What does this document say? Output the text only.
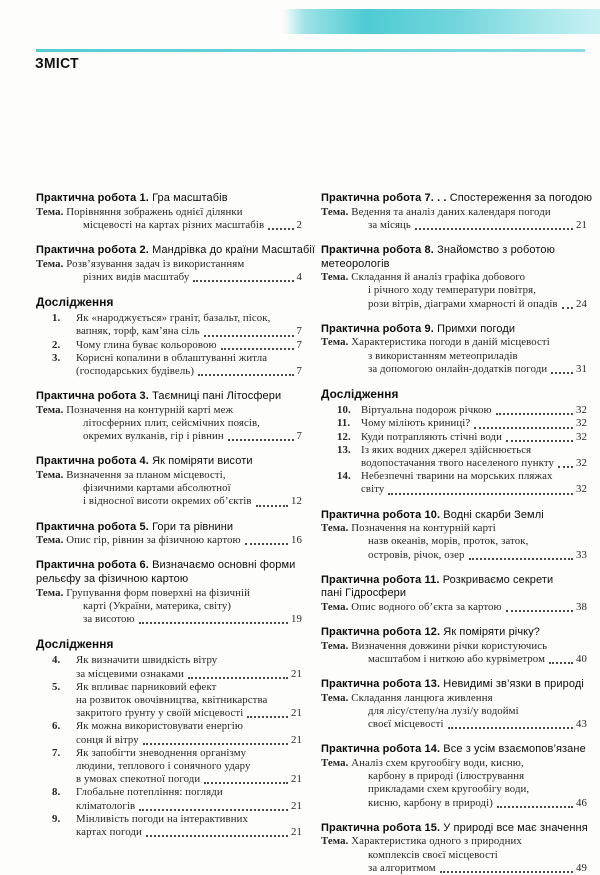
ЗМІСТ
Практична робота 1. Гра масштабів
Тема. Порівняння зображень однієї ділянки
місцевості на картах різних масштабів	2
Практична робота 2. Мандрівка до країни Масштабії
Тема. Розв’язування задач із використанням
різних видів масштабу	4
Дослідження
1.	Як «народжується» граніт, базальт, пісок,
вапняк, торф, кам’яна сіль	7
2.	Чому глина буває кольоровою	7
3.	Корисні копалини в облаштуванні житла
(господарських будівель)	7
Практична робота 3. Таємниці пані Літосфери
Тема. Позначення на контурній карті меж
літосферних плит, сейсмічних поясів,
окремих вулканів, гір і рівнин	7
Практична робота 4. Як поміряти висоти
Тема. Визначення за планом місцевості,
фізичними картами абсолютної
і відносної висоти окремих об’єктів	12
Практична робота 5. Гори та рівнини
Тема. Опис гір, рівнин за фізичною картою	16
Практична робота 6. Визначаємо основні форми
рельєфу за фізичною картою
Тема. Групування форм поверхні на фізичній
карті (України, материка, світу)
за висотою	19
Дослідження
4.	Як визначити швидкість вітру
за місцевими ознаками	21
5.	Як впливає парниковий ефект
на розвиток овочівництва, квітникарства
закритого ґрунту у своїй місцевості	21
6.	Як можна використовувати енергію
сонця й вітру	21
7.	Як запобігти зневоднення організму
людини, теплового і сонячного удару
в умовах спекотної погоди	21
8.	Глобальне потепління: погляди
кліматологів	21
9.	Мінливість погоди на інтерактивних
картах погоди	21
Практична робота 7. . . Спостереження за погодою
Тема. Ведення та аналіз даних календаря погоди
за місяць	21
Практична робота 8. Знайомство з роботою
метеорологів
Тема. Складання й аналіз графіка добового
і річного ходу температури повітря,
рози вітрів, діаграми хмарності й опадів 24
Практична робота 9. Примхи погоди
Тема. Характеристика погоди в даній місцевості
з використанням метеоприладів
за допомогою онлайн-додатків погоди	31
Дослідження
10. Віртуальна подорож річкою	32
11. Чому міліють криниці?	32
12. Куди потрапляють стічні води	32
13. Із яких водних джерел здійснюється
водопостачання твого населеного пункту 32
14. Небезпечні тварини на морських пляжах
світу	32
Практична робота 10. Водні скарби Землі
Тема. Позначення на контурній карті
назв океанів, морів, проток, заток,
островів, річок, озер	33
Практична робота 11. Розкриваємо секрети
пані Гідросфери
Тема. Опис водного об’єкта за картою	38
Практична робота 12. Як поміряти річку?
Тема. Визначення довжини річки користуючись
масштабом і ниткою або курвіметром	40
Практична робота 13. Невидимі зв’язки в природі
Тема. Складання ланцюга живлення
для лісу/степу/на лузі/у водоймі
своєї місцевості	43
Практична робота 14. Все з усім взаємопов’язане
Тема. Аналіз схем кругообігу води, кисню,
карбону в природі (ілюстрування
прикладами схем кругообігу води,
кисню, карбону в природі)	46
Практична робота 15. У природі все має значення
Тема. Характеристика одного з природних
комплексів своєї місцевості
за алгоритмом	49
